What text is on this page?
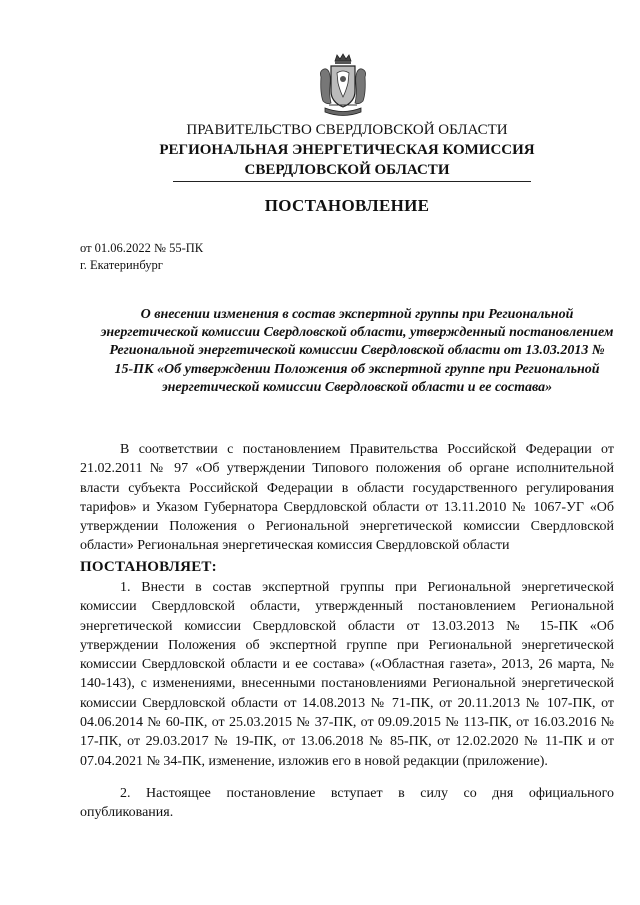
ПРАВИТЕЛЬСТВО СВЕРДЛОВСКОЙ ОБЛАСТИ
РЕГИОНАЛЬНАЯ ЭНЕРГЕТИЧЕСКАЯ КОМИССИЯ
СВЕРДЛОВСКОЙ ОБЛАСТИ
ПОСТАНОВЛЕНИЕ
от 01.06.2022 № 55-ПК
г. Екатеринбург
О внесении изменения в состав экспертной группы при Региональной энергетической комиссии Свердловской области, утвержденный постановлением Региональной энергетической комиссии Свердловской области от 13.03.2013 № 15-ПК «Об утверждении Положения об экспертной группе при Региональной энергетической комиссии Свердловской области и ее состава»

В соответствии с постановлением Правительства Российской Федерации от 21.02.2011 № 97 «Об утверждении Типового положения об органе исполнительной власти субъекта Российской Федерации в области государственного регулирования тарифов» и Указом Губернатора Свердловской области от 13.11.2010 № 1067-УГ «Об утверждении Положения о Региональной энергетической комиссии Свердловской области» Региональная энергетическая комиссия Свердловской области

ПОСТАНОВЛЯЕТ:

1. Внести в состав экспертной группы при Региональной энергетической комиссии Свердловской области, утвержденный постановлением Региональной энергетической комиссии Свердловской области от 13.03.2013 № 15-ПК «Об утверждении Положения об экспертной группе при Региональной энергетической комиссии Свердловской области и ее состава» («Областная газета», 2013, 26 марта, № 140-143), с изменениями, внесенными постановлениями Региональной энергетической комиссии Свердловской области от 14.08.2013 № 71-ПК, от 20.11.2013 № 107-ПК, от 04.06.2014 № 60-ПК, от 25.03.2015 № 37-ПК, от 09.09.2015 № 113-ПК, от 16.03.2016 № 17-ПК, от 29.03.2017 № 19-ПК, от 13.06.2018 № 85-ПК, от 12.02.2020 № 11-ПК и от 07.04.2021 № 34-ПК, изменение, изложив его в новой редакции (приложение).

2. Настоящее постановление вступает в силу со дня официального опубликования.
